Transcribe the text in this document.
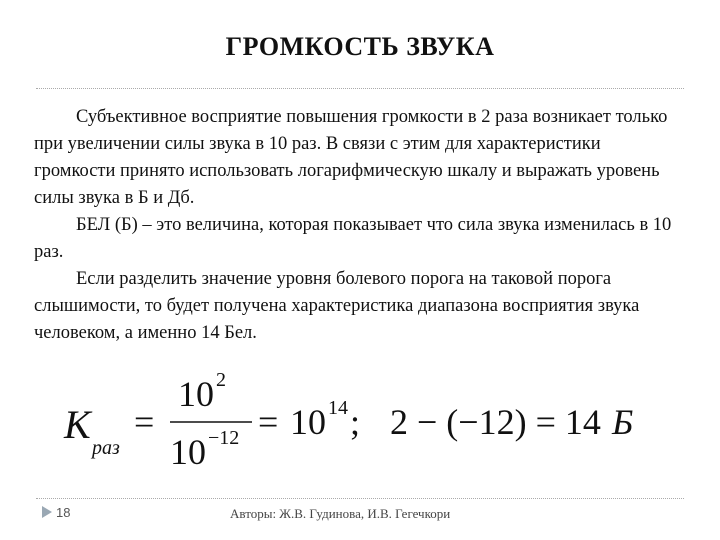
ГРОМКОСТЬ ЗВУКА

Субъективное восприятие повышения громкости в 2 раза возникает только при увеличении силы звука в 10 раз. В связи с этим для характеристики громкости принято использовать логарифмическую шкалу и выражать уровень силы звука в Б и Дб.

БЕЛ (Б) – это величина, которая показывает что сила звука изменилась в 10 раз.

Если разделить значение уровня болевого порога на таковой порога слышимости, то будет получена характеристика диапазона восприятия звука человеком, а именно 14 Бел.

K
раз
=
10 2
10 −12 = 10 14 ; 2 − (−12) = 14 Б
18	Авторы: Ж.В. Гудинова, И.В. Гегечкори
